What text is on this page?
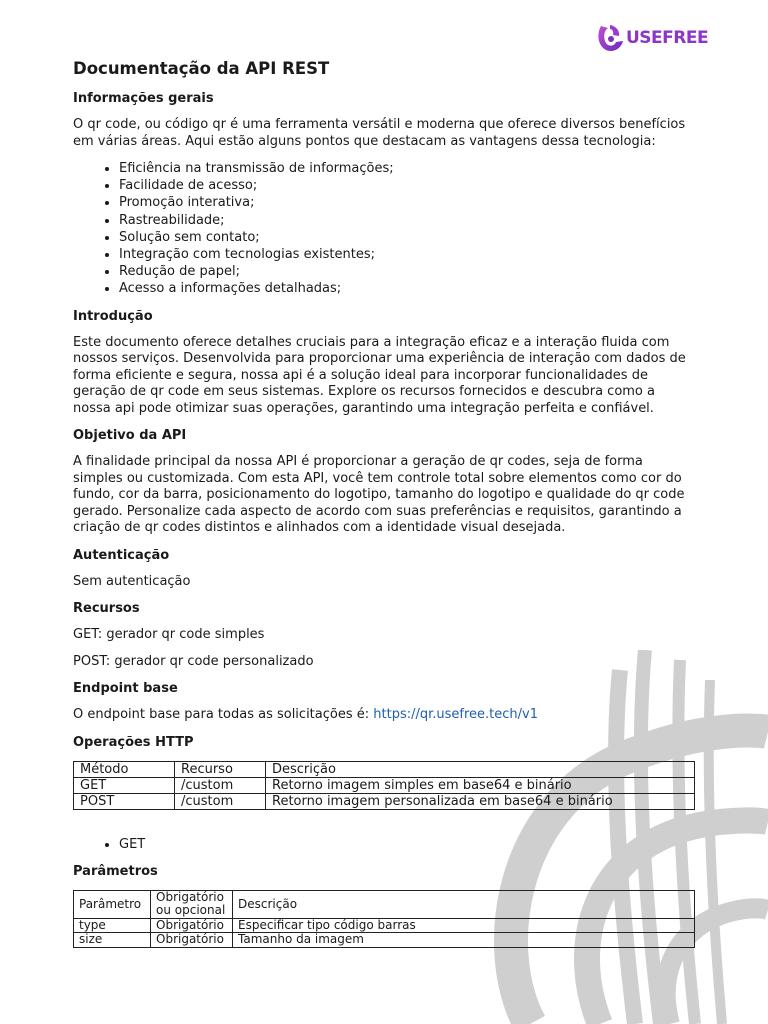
USEFREE
Documentação da API REST
Informações gerais

O qr code, ou código qr é uma ferramenta versátil e moderna que oferece diversos benefícios em várias áreas. Aqui estão alguns pontos que destacam as vantagens dessa tecnologia:

• Eficiência na transmissão de informações;
• Facilidade de acesso;
• Promoção interativa;
• Rastreabilidade;
• Solução sem contato;
• Integração com tecnologias existentes;
• Redução de papel;
• Acesso a informações detalhadas;
Introdução

Este documento oferece detalhes cruciais para a integração eficaz e a interação fluida com nossos serviços. Desenvolvida para proporcionar uma experiência de interação com dados de forma eficiente e segura, nossa api é a solução ideal para incorporar funcionalidades de geração de qr code em seus sistemas. Explore os recursos fornecidos e descubra como a nossa api pode otimizar suas operações, garantindo uma integração perfeita e confiável.

Objetivo da API

A finalidade principal da nossa API é proporcionar a geração de qr codes, seja de forma simples ou customizada. Com esta API, você tem controle total sobre elementos como cor do fundo, cor da barra, posicionamento do logotipo, tamanho do logotipo e qualidade do qr code gerado. Personalize cada aspecto de acordo com suas preferências e requisitos, garantindo a criação de qr codes distintos e alinhados com a identidade visual desejada.

Autenticação

Sem autenticação

Recursos

GET: gerador qr code simples

POST: gerador qr code personalizado

Endpoint base

O endpoint base para todas as solicitações é: https://qr.usefree.tech/v1

Operações HTTP
Método	Recurso	Descrição
GET	/custom	Retorno imagem simples em base64 e binário
POST	/custom	Retorno imagem personalizada em base64 e binário
• GET
Parâmetros
Parâmetro	Obrigatório ou opcional	Descrição
type	Obrigatório	Especificar tipo código barras
size	Obrigatório	Tamanho da imagem
